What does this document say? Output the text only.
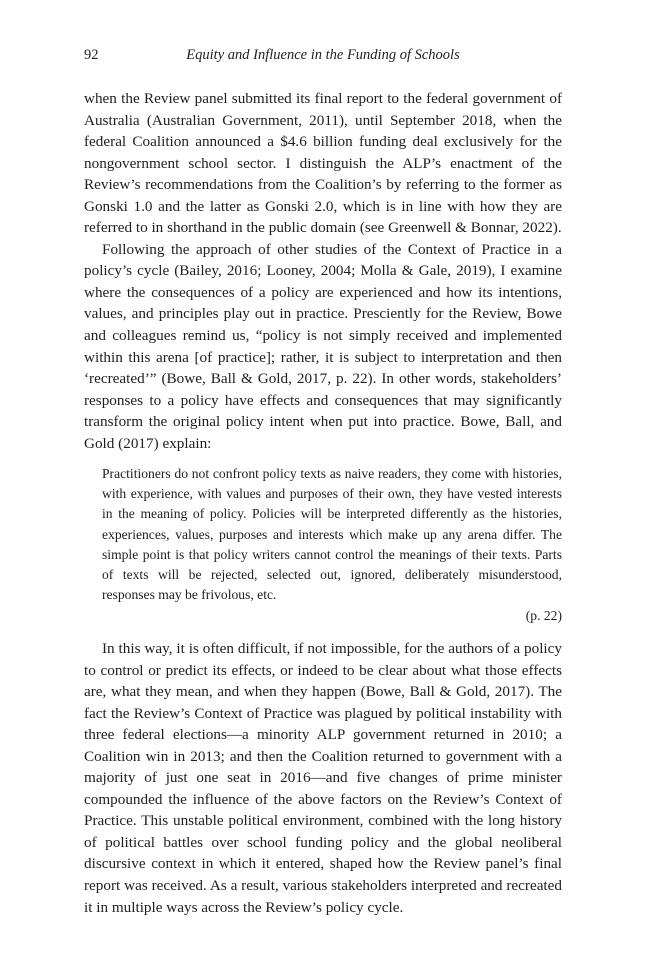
92	Equity and Influence in the Funding of Schools

when the Review panel submitted its final report to the federal government of Australia (Australian Government, 2011), until September 2018, when the federal Coalition announced a $4.6 billion funding deal exclusively for the nongovernment school sector. I distinguish the ALP’s enactment of the Review’s recommendations from the Coalition’s by referring to the former as Gonski 1.0 and the latter as Gonski 2.0, which is in line with how they are referred to in shorthand in the public domain (see Greenwell & Bonnar, 2022).

Following the approach of other studies of the Context of Practice in a policy’s cycle (Bailey, 2016; Looney, 2004; Molla & Gale, 2019), I examine where the consequences of a policy are experienced and how its intentions, values, and principles play out in practice. Presciently for the Review, Bowe and colleagues remind us, “policy is not simply received and implemented within this arena [of practice]; rather, it is subject to interpretation and then ‘recreated’” (Bowe, Ball & Gold, 2017, p. 22). In other words, stakeholders’ responses to a policy have effects and consequences that may significantly transform the original policy intent when put into practice. Bowe, Ball, and Gold (2017) explain:

Practitioners do not confront policy texts as naive readers, they come with histories, with experience, with values and purposes of their own, they have vested interests in the meaning of policy. Policies will be interpreted differently as the histories, experiences, values, purposes and interests which make up any arena differ. The simple point is that policy writers cannot control the meanings of their texts. Parts of texts will be rejected, selected out, ignored, deliberately misunderstood, responses may be frivolous, etc.

(p. 22)

In this way, it is often difficult, if not impossible, for the authors of a policy to control or predict its effects, or indeed to be clear about what those effects are, what they mean, and when they happen (Bowe, Ball & Gold, 2017). The fact the Review’s Context of Practice was plagued by political instability with three federal elections—a minority ALP government returned in 2010; a Coalition win in 2013; and then the Coalition returned to government with a majority of just one seat in 2016—and five changes of prime minister compounded the influence of the above factors on the Review’s Context of Practice. This unstable political environment, combined with the long history of political battles over school funding policy and the global neoliberal discursive context in which it entered, shaped how the Review panel’s final report was received. As a result, various stakeholders interpreted and recreated it in multiple ways across the Review’s policy cycle.
